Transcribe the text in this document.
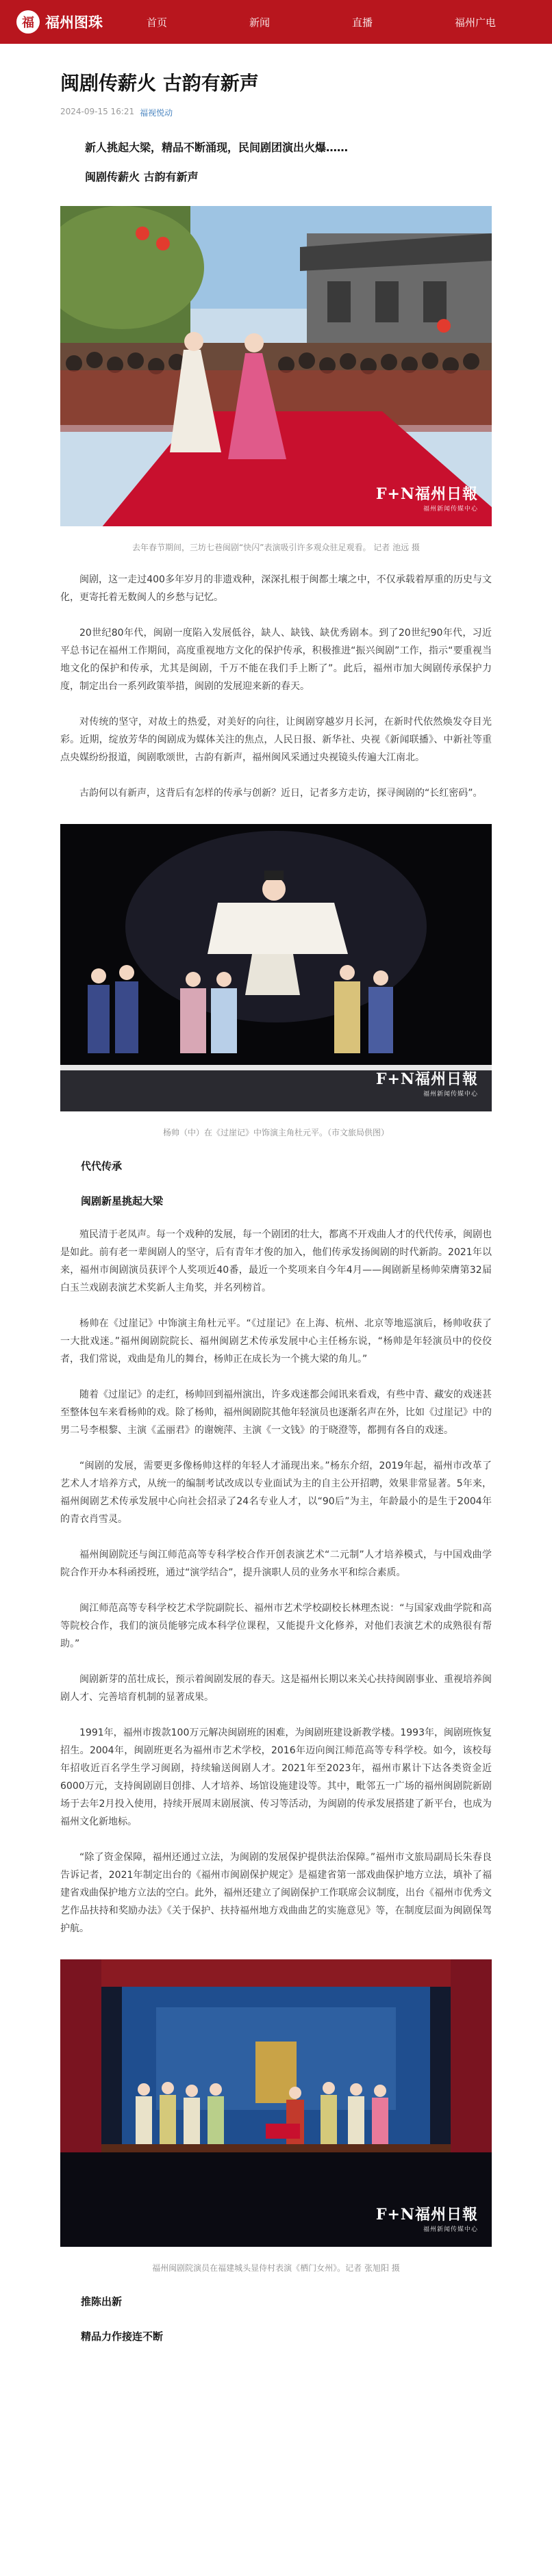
福 福州图珠	首页	新闻	直播	福州广电
闽剧传薪火 古韵有新声
2024-09-15 16:21 福视悦动

新人挑起大梁，精品不断涌现，民间剧团演出火爆……

闽剧传薪火 古韵有新声

F+N福州日報
福州新闻传媒中心

去年春节期间，三坊七巷闽剧“快闪”表演吸引许多观众驻足观看。 记者 池远 摄

闽剧，这一走过400多年岁月的非遗戏种，深深扎根于闽都土壤之中，不仅承载着厚重的历史与文化，更寄托着无数闽人的乡愁与记忆。

20世纪80年代，闽剧一度陷入发展低谷，缺人、缺钱、缺优秀剧本。到了20世纪90年代，习近平总书记在福州工作期间，高度重视地方文化的保护传承，积极推进“振兴闽剧”工作，指示“要重视当地文化的保护和传承，尤其是闽剧，千万不能在我们手上断了”。此后，福州市加大闽剧传承保护力度，制定出台一系列政策举措，闽剧的发展迎来新的春天。

对传统的坚守，对故土的热爱，对美好的向往，让闽剧穿越岁月长河，在新时代依然焕发夺目光彩。近期，绽放芳华的闽剧成为媒体关注的焦点，人民日报、新华社、央视《新闻联播》、中新社等重点央媒纷纷报道，闽剧歌颂世，古韵有新声，福州闽风采通过央视镜头传遍大江南北。

古韵何以有新声，这背后有怎样的传承与创新？近日，记者多方走访，探寻闽剧的“长红密码”。

F+N福州日報
福州新闻传媒中心

杨帅（中）在《过崖记》中饰演主角杜元平。（市文旅局供图）

代代传承
闽剧新星挑起大梁

殖民清于老凤声。每一个戏种的发展，每一个剧团的壮大，都离不开戏曲人才的代代传承，闽剧也是如此。前有老一辈闽剧人的坚守，后有青年才俊的加入，他们传承发扬闽剧的时代新韵。2021年以来，福州市闽剧演员获评个人奖项近40番，最近一个奖项来自今年4月——闽剧新星杨帅荣膺第32届白玉兰戏剧表演艺术奖新人主角奖，并名列榜首。

杨帅在《过崖记》中饰演主角杜元平。“《过崖记》在上海、杭州、北京等地巡演后，杨帅收获了一大批戏迷。”福州闽剧院院长、福州闽剧艺术传承发展中心主任杨东说，“杨帅是年轻演员中的佼佼者，我们常说，戏曲是角儿的舞台，杨帅正在成长为一个挑大梁的角儿。”

随着《过崖记》的走红，杨帅回到福州演出，许多戏迷都会闻讯来看戏，有些中青、藏安的戏迷甚至整体包车来看杨帅的戏。除了杨帅，福州闽剧院其他年轻演员也逐渐名声在外，比如《过崖记》中的男二号李根黎、主演《孟丽君》的谢婉萍、主演《一文钱》的于晓澄等，都拥有各自的戏迷。

“闽剧的发展，需要更多像杨帅这样的年轻人才涌现出来。”杨东介绍，2019年起，福州市改革了艺术人才培养方式，从统一的编制考试改成以专业面试为主的自主公开招聘，效果非常显著。5年来，福州闽剧艺术传承发展中心向社会招录了24名专业人才，以“90后”为主，年龄最小的是生于2004年的青衣肖雪灵。

福州闽剧院还与闽江师范高等专科学校合作开创表演艺术“二元制”人才培养模式，与中国戏曲学院合作开办本科函授班，通过“演学结合”，提升演职人员的业务水平和综合素质。

闽江师范高等专科学校艺术学院副院长、福州市艺术学校副校长林理杰说：“与国家戏曲学院和高等院校合作，我们的演员能够完成本科学位课程，又能提升文化修养，对他们表演艺术的成熟很有帮助。”

闽剧新芽的茁壮成长，预示着闽剧发展的春天。这是福州长期以来关心扶持闽剧事业、重视培养闽剧人才、完善培育机制的显著成果。

1991年，福州市拨款100万元解决闽剧班的困难，为闽剧班建设新教学楼。1993年，闽剧班恢复招生。2004年，闽剧班更名为福州市艺术学校，2016年迈向闽江师范高等专科学校。如今，该校每年招收近百名学生学习闽剧，持续输送闽剧人才。2021年至2023年，福州市累计下达各类资金近6000万元，支持闽剧剧目创排、人才培养、场馆设施建设等。其中，毗邻五一广场的福州闽剧院新剧场于去年2月投入使用，持续开展周末剧展演、传习等活动，为闽剧的传承发展搭建了新平台，也成为福州文化新地标。

“除了资金保障，福州还通过立法，为闽剧的发展保护提供法治保障。”福州市文旅局副局长朱春良告诉记者，2021年制定出台的《福州市闽剧保护规定》是福建省第一部戏曲保护地方立法，填补了福建省戏曲保护地方立法的空白。此外，福州还建立了闽剧保护工作联席会议制度，出台《福州市优秀文艺作品扶持和奖励办法》《关于保护、扶持福州地方戏曲曲艺的实施意见》等，在制度层面为闽剧保驾护航。

F+N福州日報
福州新闻传媒中心

福州闽剧院演员在福建城头显侍村表演《栖门女州》。记者 张旭阳 摄

推陈出新
精品力作接连不断
